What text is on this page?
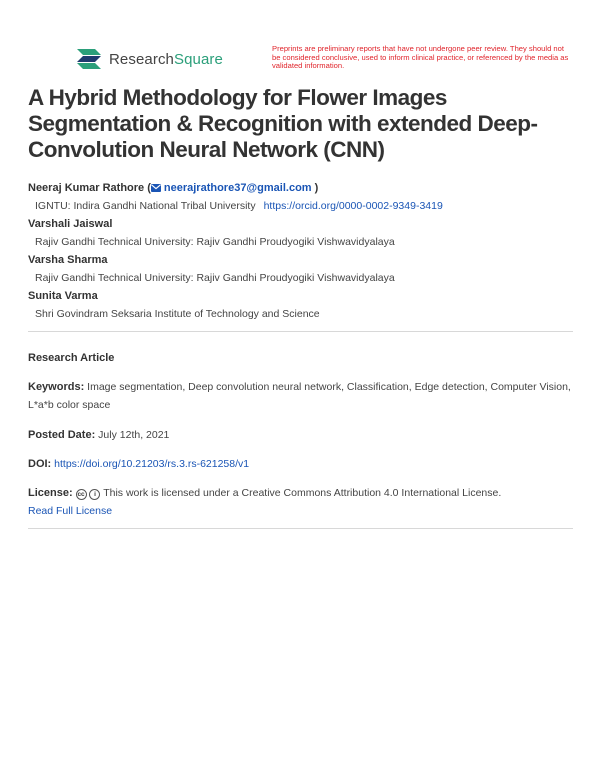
ResearchSquare
Preprints are preliminary reports that have not undergone peer review. They should not be considered conclusive, used to inform clinical practice, or referenced by the media as validated information.
A Hybrid Methodology for Flower Images Segmentation & Recognition with extended Deep-Convolution Neural Network (CNN)
Neeraj Kumar Rathore ( neerajrathore37@gmail.com )
IGNTU: Indira Gandhi National Tribal University https://orcid.org/0000-0002-9349-3419
Varshali Jaiswal
Rajiv Gandhi Technical University: Rajiv Gandhi Proudyogiki Vishwavidyalaya
Varsha Sharma
Rajiv Gandhi Technical University: Rajiv Gandhi Proudyogiki Vishwavidyalaya
Sunita Varma
Shri Govindram Seksaria Institute of Technology and Science
Research Article
Keywords: Image segmentation, Deep convolution neural network, Classification, Edge detection, Computer Vision, L*a*b color space
Posted Date: July 12th, 2021
DOI: https://doi.org/10.21203/rs.3.rs-621258/v1
License: cc i This work is licensed under a Creative Commons Attribution 4.0 International License.
Read Full License
